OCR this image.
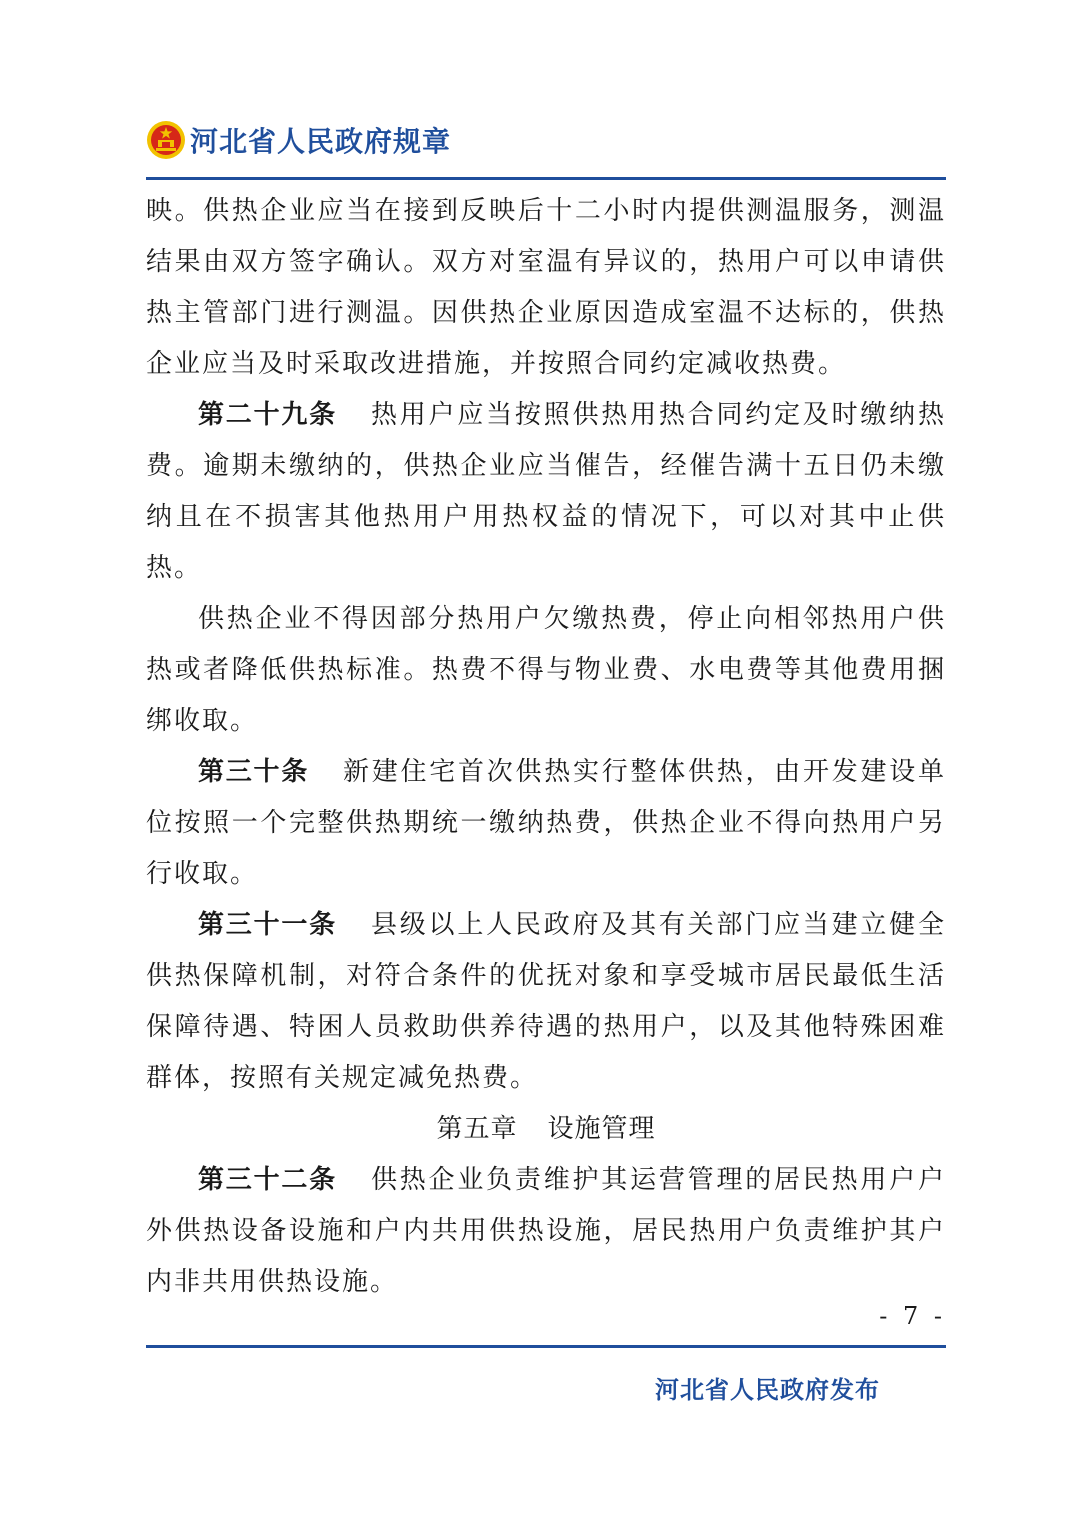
河北省人民政府规章

映。供热企业应当在接到反映后十二小时内提供测温服务，测温结果由双方签字确认。双方对室温有异议的，热用户可以申请供热主管部门进行测温。因供热企业原因造成室温不达标的，供热企业应当及时采取改进措施，并按照合同约定减收热费。

第二十九条 热用户应当按照供热用热合同约定及时缴纳热费。逾期未缴纳的，供热企业应当催告，经催告满十五日仍未缴纳且在不损害其他热用户用热权益的情况下，可以对其中止供热。

供热企业不得因部分热用户欠缴热费，停止向相邻热用户供热或者降低供热标准。热费不得与物业费、水电费等其他费用捆绑收取。

第三十条 新建住宅首次供热实行整体供热，由开发建设单位按照一个完整供热期统一缴纳热费，供热企业不得向热用户另行收取。

第三十一条 县级以上人民政府及其有关部门应当建立健全供热保障机制，对符合条件的优抚对象和享受城市居民最低生活保障待遇、特困人员救助供养待遇的热用户，以及其他特殊困难群体，按照有关规定减免热费。

第五章 设施管理

第三十二条 供热企业负责维护其运营管理的居民热用户户外供热设备设施和户内共用供热设施，居民热用户负责维护其户内非共用供热设施。

- 7 -
河北省人民政府发布
